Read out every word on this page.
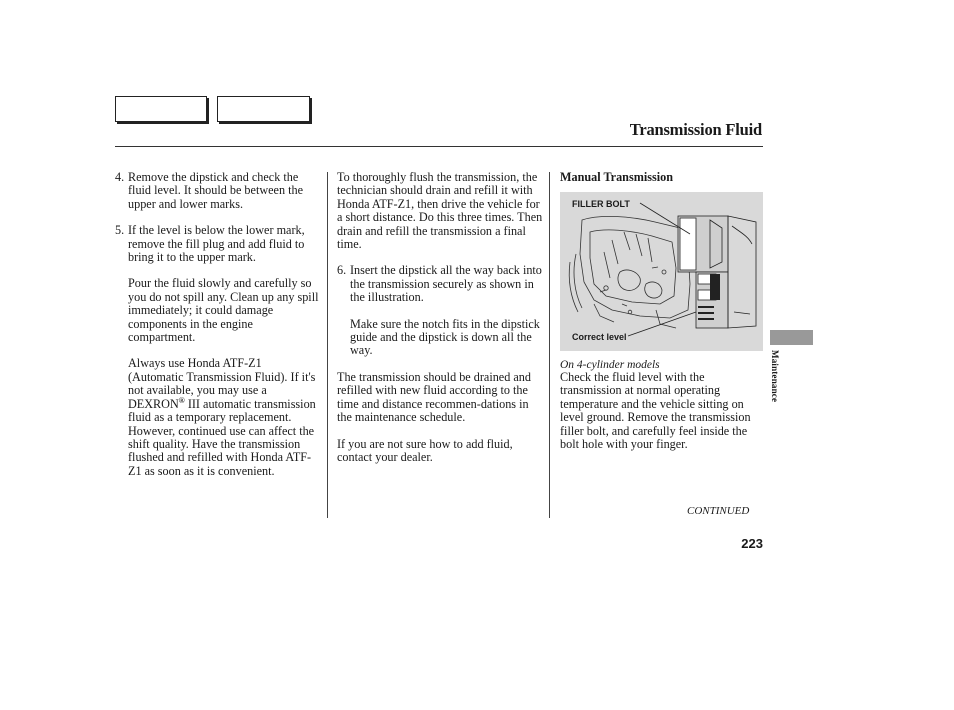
Transmission Fluid
4. Remove the dipstick and check the fluid level. It should be between the upper and lower marks.
5. If the level is below the lower mark, remove the fill plug and add fluid to bring it to the upper mark.

Pour the fluid slowly and carefully so you do not spill any. Clean up any spill immediately; it could damage components in the engine compartment.

Always use Honda ATF-Z1 (Automatic Transmission Fluid). If it's not available, you may use a DEXRON® III automatic transmission fluid as a temporary replacement. However, continued use can affect the shift quality. Have the transmission flushed and refilled with Honda ATF-Z1 as soon as it is convenient.

To thoroughly flush the transmission, the technician should drain and refill it with Honda ATF-Z1, then drive the vehicle for a short distance. Do this three times. Then drain and refill the transmission a final time.

6. Insert the dipstick all the way back into the transmission securely as shown in the illustration.

Make sure the notch fits in the dipstick guide and the dipstick is down all the way.

The transmission should be drained and refilled with new fluid according to the time and distance recommen-dations in the maintenance schedule.

If you are not sure how to add fluid, contact your dealer.

Manual Transmission
FILLER BOLT
Correct level
On 4-cylinder models
Check the fluid level with the transmission at normal operating temperature and the vehicle sitting on level ground. Remove the transmission filler bolt, and carefully feel inside the bolt hole with your finger.
CONTINUED
223
Maintenance
